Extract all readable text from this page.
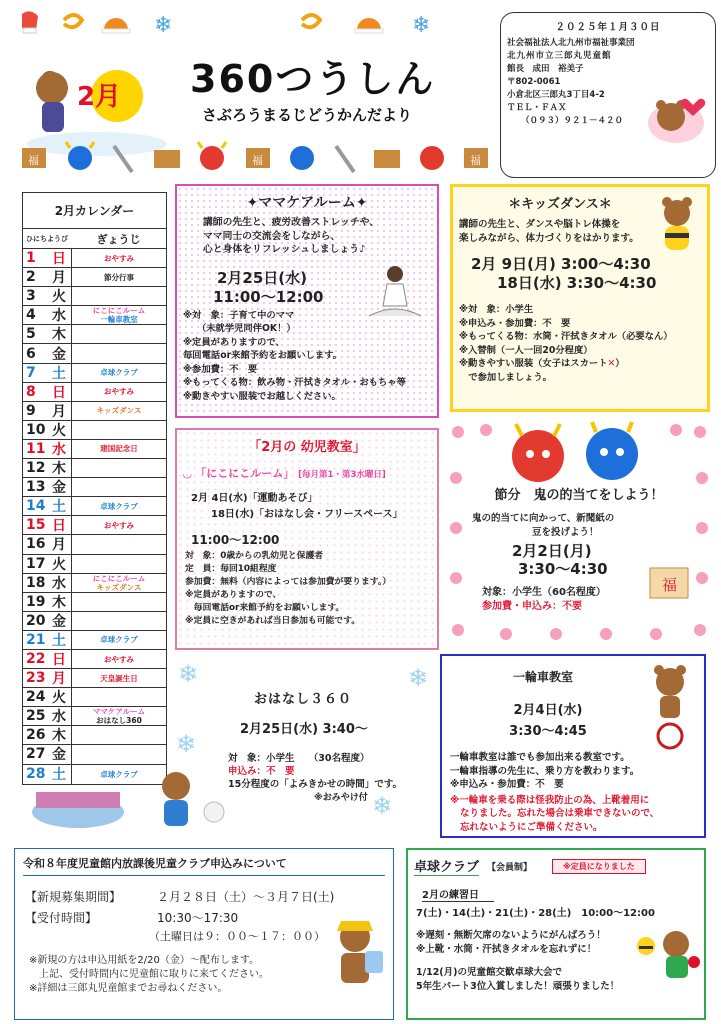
❄	❄
2月 360つうしん
さぶろうまるじどうかんだより
２０２５年１月３０日
社会福祉法人北九州市福祉事業団
北九州市立三郎丸児童館
館長　成田　裕美子
〒802-0061
小倉北区三郎丸3丁目4-2
ＴＥＬ・ＦＡＸ
（０９３）９２１－４２０
福	福	福
2月カレンダー
ひにちようび	ぎょうじ
1	日	おやすみ
2	月	節分行事
3	火
4	水	にこにこルーム
一輪車教室
5	木
6	金
7	土	卓球クラブ
8	日	おやすみ
9	月	キッズダンス
10 火
11 水	建国記念日
12 木
13 金
14 土	卓球クラブ
15 日	おやすみ
16 月
17 火
18 水	にこにこルーム
キッズダンス
19 木
20 金
21 土	卓球クラブ
22 日	おやすみ
23 月	天皇誕生日
24 火
25 水	ママケアルーム
おはなし360
26 木
27 金
28 土	卓球クラブ
✦ママケアルーム✦
講師の先生と、疲労改善ストレッチや、
ママ同士の交流会をしながら、
心と身体をリフレッシュしましょう♪
2月25日(水)
11:00～12:00
※対　象：子育て中のママ
　　（未就学児同伴OK！）
※定員がありますので、
毎回電話or来館予約をお願いします。
※参加費：不　要
※もってくる物：飲み物・汗拭きタオル・おもちゃ等
※動きやすい服装でお越しください。
＊キッズダンス＊
講師の先生と、ダンスや脳トレ体操を
楽しみながら、体力づくりをはかります。
2月 9日(月) 3:00～4:30
18日(水) 3:30～4:30
※対　象：小学生
※申込み・参加費：不　要
※もってくる物：水筒・汗拭きタオル（必要なん）
※入替制（一人一回20分程度）
※動きやすい服装（女子はスカート✕）
　で参加しましょう。
「2月の 幼児教室」
◡ 「にこにこルーム」 [毎月第1・第3水曜日]
2月 4日(水)「運動あそび」
18日(水)「おはなし会・フリースペース」
11:00～12:00
対　象：0歳からの乳幼児と保護者
定　員：毎回10組程度
参加費：無料（内容によっては参加費が要ります。）
※定員がありますので、
　毎回電話or来館予約をお願いします。
※定員に空きがあれば当日参加も可能です。
福
節分　鬼の的当てをしよう！
鬼の的当てに向かって、新聞紙の
豆を投げよう！
2月2日(月)
3:30～4:30
対象：小学生（60名程度）
参加費・申込み：不要
❄	❄
❄
❄
おはなし３６０
2月25日(水) 3:40～
対　象：小学生　　（30名程度）
申込み：不　要
15分程度の「よみきかせの時間」です。
※おみやけ付
一輪車教室
2月4日(水)
3:30～4:45
一輪車教室は誰でも参加出来る教室です。
一輪車指導の先生に、乗り方を教わります。
※申込み・参加費：不　要
※一輪車を乗る際は怪我防止の為、上靴着用に
なりました。忘れた場合は乗車できないので、
忘れないようにご準備ください。
令和８年度児童館内放課後児童クラブ申込みについて
【新規募集期間】	２月２８日（土）～３月７日(土)
【受付時間】	10:30～17:30
（土曜日は９：００～１７：００）
※新規の方は申込用紙を2/20（金）～配布します。
　上記、受付時間内に児童館に取りに来てください。
※詳細は三郎丸児童館までお尋ねください。
卓球クラブ 【会員制】	※定員になりました
2月の練習日
7(土)・14(土)・21(土)・28(土)　10:00～12:00
※遅刻・無断欠席のないようにがんばろう！
※上靴・水筒・汗拭きタオルを忘れずに！
1/12(月)の児童館交歓卓球大会で
5年生パート3位入賞しました！頑張りました！
